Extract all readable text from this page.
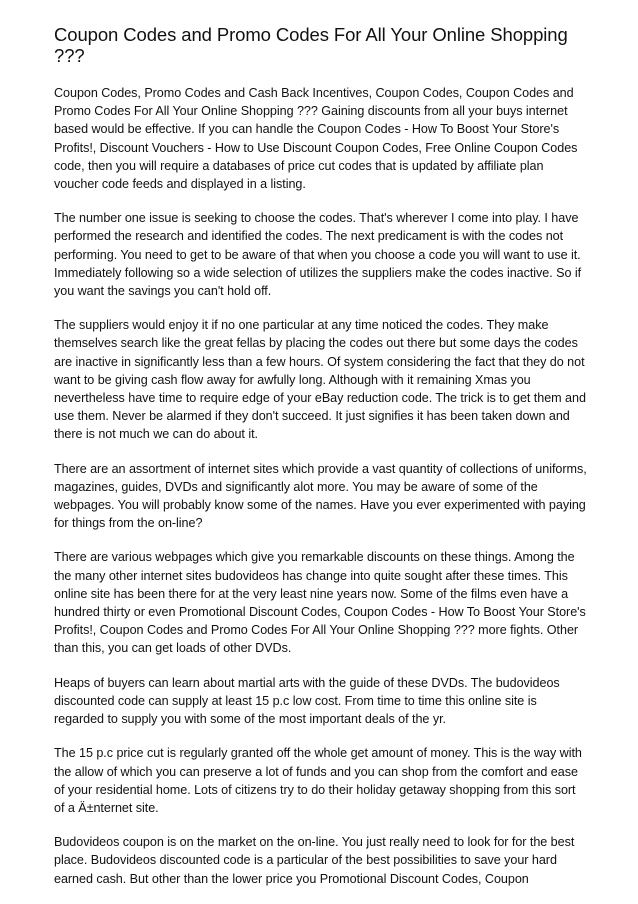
Coupon Codes and Promo Codes For All Your Online Shopping ???

Coupon Codes, Promo Codes and Cash Back Incentives, Coupon Codes, Coupon Codes and Promo Codes For All Your Online Shopping ??? Gaining discounts from all your buys internet based would be effective. If you can handle the Coupon Codes - How To Boost Your Store's Profits!, Discount Vouchers - How to Use Discount Coupon Codes, Free Online Coupon Codes code, then you will require a databases of price cut codes that is updated by affiliate plan voucher code feeds and displayed in a listing.

The number one issue is seeking to choose the codes. That's wherever I come into play. I have performed the research and identified the codes. The next predicament is with the codes not performing. You need to get to be aware of that when you choose a code you will want to use it. Immediately following so a wide selection of utilizes the suppliers make the codes inactive. So if you want the savings you can't hold off.

The suppliers would enjoy it if no one particular at any time noticed the codes. They make themselves search like the great fellas by placing the codes out there but some days the codes are inactive in significantly less than a few hours. Of system considering the fact that they do not want to be giving cash flow away for awfully long. Although with it remaining Xmas you nevertheless have time to require edge of your eBay reduction code. The trick is to get them and use them. Never be alarmed if they don't succeed. It just signifies it has been taken down and there is not much we can do about it.

There are an assortment of internet sites which provide a vast quantity of collections of uniforms, magazines, guides, DVDs and significantly alot more. You may be aware of some of the webpages. You will probably know some of the names. Have you ever experimented with paying for things from the on-line?

There are various webpages which give you remarkable discounts on these things. Among the the many other internet sites budovideos has change into quite sought after these times. This online site has been there for at the very least nine years now. Some of the films even have a hundred thirty or even Promotional Discount Codes, Coupon Codes - How To Boost Your Store's Profits!, Coupon Codes and Promo Codes For All Your Online Shopping ??? more fights. Other than this, you can get loads of other DVDs.

Heaps of buyers can learn about martial arts with the guide of these DVDs. The budovideos discounted code can supply at least 15 p.c low cost. From time to time this online site is regarded to supply you with some of the most important deals of the yr.

The 15 p.c price cut is regularly granted off the whole get amount of money. This is the way with the allow of which you can preserve a lot of funds and you can shop from the comfort and ease of your residential home. Lots of citizens try to do their holiday getaway shopping from this sort of a Ä±nternet site.

Budovideos coupon is on the market on the on-line. You just really need to look for for the best place. Budovideos discounted code is a particular of the best possibilities to save your hard earned cash. But other than the lower price you Promotional Discount Codes, Coupon
